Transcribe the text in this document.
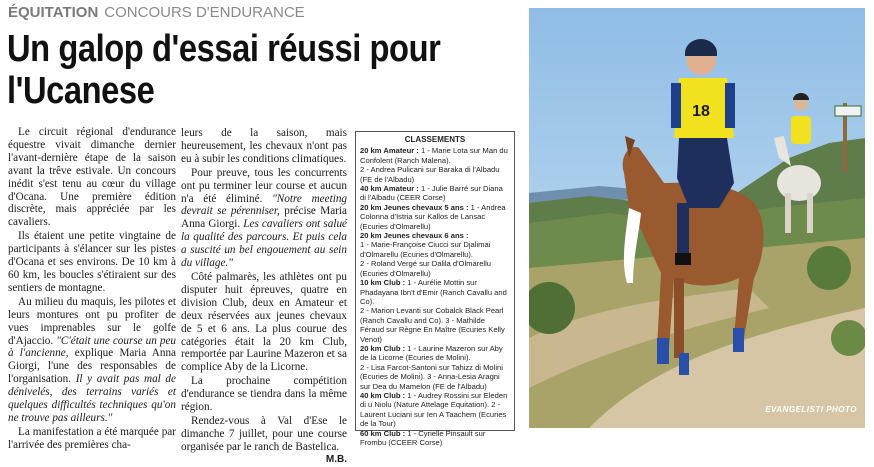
ÉQUITATION CONCOURS D'ENDURANCE
Un galop d'essai réussi pour l'Ucanese

Le circuit régional d'endurance équestre vivait dimanche dernier l'avant-dernière étape de la saison avant la trêve estivale. Un concours inédit s'est tenu au cœur du village d'Ocana. Une première édition discrète, mais appréciée par les cavaliers.

Ils étaient une petite vingtaine de participants à s'élancer sur les pistes d'Ocana et ses environs. De 10 km à 60 km, les boucles s'étiraient sur des sentiers de montagne.

Au milieu du maquis, les pilotes et leurs montures ont pu profiter de vues imprenables sur le golfe d'Ajaccio. "C'était une course un peu à l'ancienne, explique Maria Anna Giorgi, l'une des responsables de l'organisation. Il y avait pas mal de dénivelés, des terrains variés et quelques difficultés techniques qu'on ne trouve pas ailleurs."

La manifestation a été marquée par l'arrivée des premières cha-

leurs de la saison, mais heureusement, les chevaux n'ont pas eu à subir les conditions climatiques.

Pour preuve, tous les concurrents ont pu terminer leur course et aucun n'a été éliminé. "Notre meeting devrait se pérenniser, précise Maria Anna Giorgi. Les cavaliers ont salué la qualité des parcours. Et puis cela a suscité un bel engouement au sein du village."

Côté palmarès, les athlètes ont pu disputer huit épreuves, quatre en division Club, deux en Amateur et deux réservées aux jeunes chevaux de 5 et 6 ans. La plus courue des catégories était la 20 km Club, remportée par Laurine Mazeron et sa complice Aby de la Licorne.

La prochaine compétition d'endurance se tiendra dans la même région.

Rendez-vous à Val d'Ese le dimanche 7 juillet, pour une course organisée par le ranch de Bastelica.

M.B.
CLASSEMENTS

20 km Amateur : 1 - Marie Lota sur Man du Confolent (Ranch Malena).

2 - Andrea Pulicani sur Baraka di l'Albadu (FE de l'Albadu)

40 km Amateur : 1 - Julie Barré sur Diana di l'Albadu (CEER Corse)

20 km Jeunes chevaux 5 ans : 1 - Andrea Colonna d'Istria sur Kallos de Lansac (Ecuries d'Olmarellu)

20 km Jeunes chevaux 6 ans :

1 - Marie-Françoise Ciucci sur Djalimai d'Olmarellu (Ecuries d'Olmarellu).

2 - Roland Vergé sur Dalila d'Olmarellu (Ecuries d'Olmarellu)

10 km Club : 1 - Aurélie Mottin sur Phadayana Ibn't d'Emir (Ranch Cavallu and Co).

2 - Marion Levanti sur Cobalck Black Pearl (Ranch Cavallu and Co). 3 - Mathilde Féraud sur Règne En Maître (Ecuries Kelly Venot)

20 km Club : 1 - Laurine Mazeron sur Aby de la Licorne (Ecuries de Molini).

2 - Lisa Farcot-Santoni sur Tahizz di Molini (Ecuries de Molini). 3 - Anna-Lesia Aragni sur Dea du Mamelon (FE de l'Albadu)

40 km Club : 1 - Audrey Rossini sur Eleden di u Niolu (Nature Attelage Equitation). 2 - Laurent Luciani sur Ien A Taachem (Ecuries de la Tour)

60 km Club : 1 - Cyrielle Pinsault sur Frombu (CCEER Corse)

18
EVANGELISTI PHOTO
